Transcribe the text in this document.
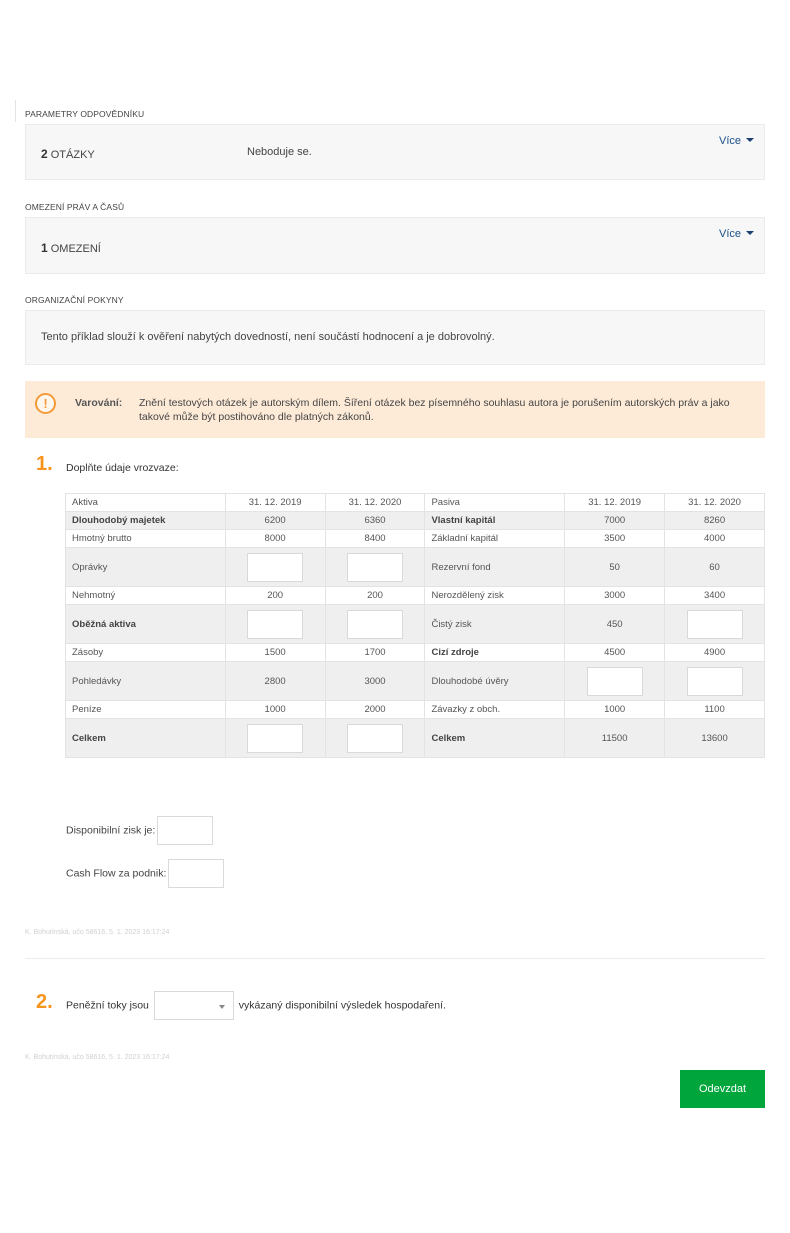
PARAMETRY ODPOVĚDNÍKU
2 OTÁZKY	Neboduje se.
Více
OMEZENÍ PRÁV A ČASŮ
1 OMEZENÍ
Více
ORGANIZAČNÍ POKYNY
Tento příklad slouží k ověření nabytých dovedností, není součástí hodnocení a je dobrovolný.
!	Varování: Znění testových otázek je autorským dílem. Šíření otázek bez písemného souhlasu autora je porušením autorských práv a jako takové může být postihováno dle platných zákonů.
1. Doplňte údaje vrozvaze:
Aktiva	31. 12. 2019	31. 12. 2020	Pasiva	31. 12. 2019	31. 12. 2020
Dlouhodobý majetek	6200	6360	Vlastní kapitál	7000	8260
Hmotný brutto	8000	8400	Základní kapitál	3500	4000
Oprávky			Rezervní fond	50	60
Nehmotný	200	200	Nerozdělený zisk	3000	3400
Oběžná aktiva			Čistý zisk	450	
Zásoby	1500	1700	Cizí zdroje	4500	4900
Pohledávky	2800	3000	Dlouhodobé úvěry		
Peníze	1000	2000	Závazky z obch.	1000	1100
Celkem			Celkem	11500	13600
Disponibilní zisk je:
Cash Flow za podnik:
K. Bohutínská, učo 58616, 5. 1. 2023 16:17:24
2. Peněžní toky jsou	vykázaný disponibilní výsledek hospodaření.
K. Bohutínská, učo 58616, 5. 1. 2023 16:17:24
Odevzdat
